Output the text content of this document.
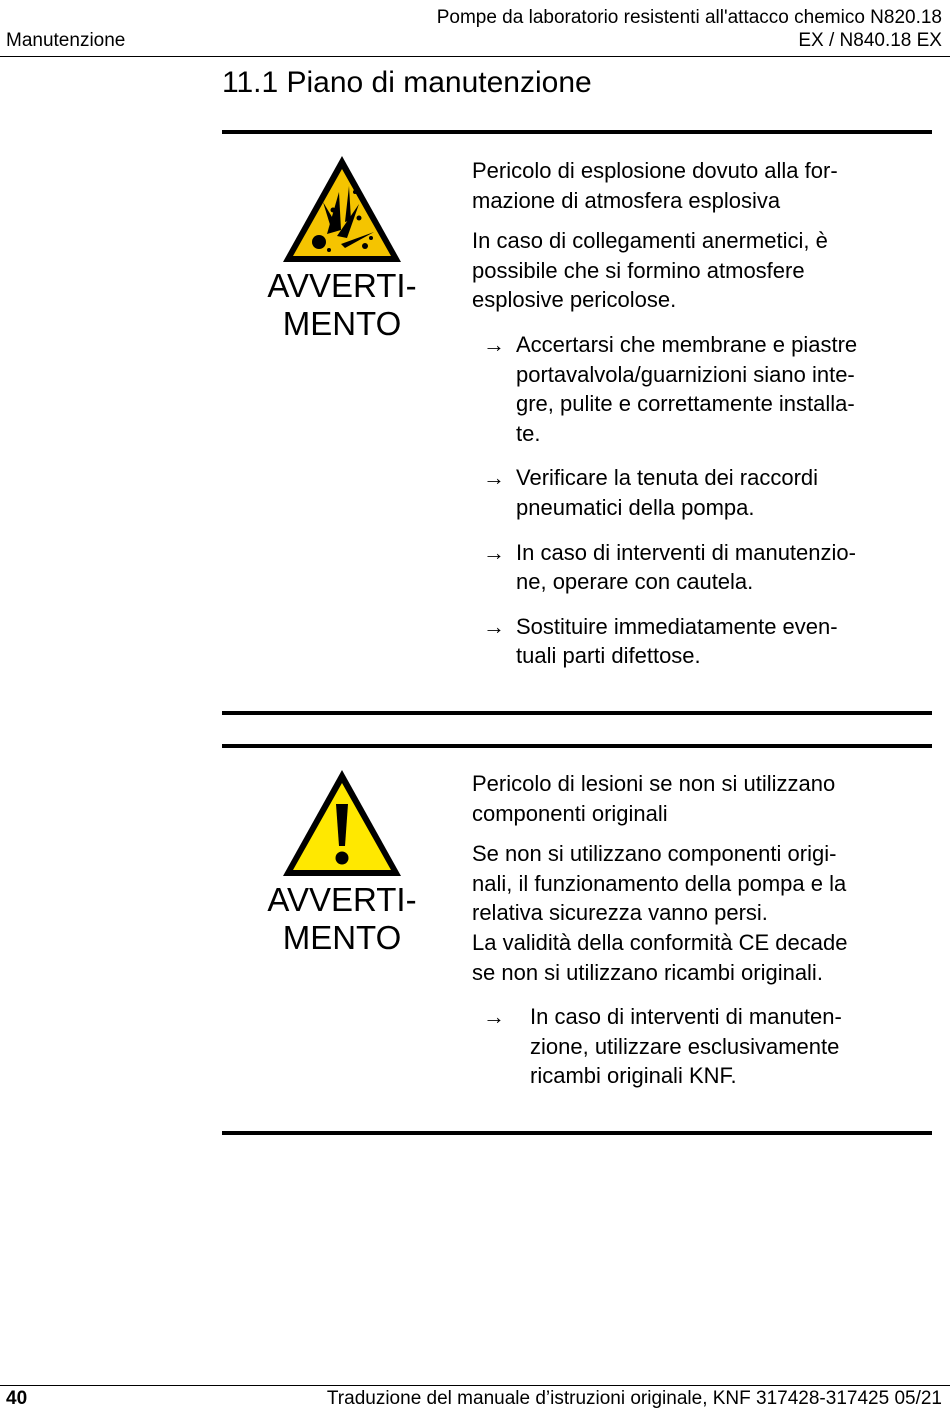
Manutenzione
Pompe da laboratorio resistenti all'attacco chemico N820.18
EX / N840.18 EX
11.1 Piano di manutenzione
AVVERTI-
MENTO

Pericolo di esplosione dovuto alla for-
mazione di atmosfera esplosiva

In caso di collegamenti anermetici, è
possibile che si formino atmosfere
esplosive pericolose.

→ Accertarsi che membrane e piastre
portavalvola/guarnizioni siano inte-
gre, pulite e correttamente installa-
te.
→ Verificare la tenuta dei raccordi
pneumatici della pompa.
→ In caso di interventi di manutenzio-
ne, operare con cautela.
→ Sostituire immediatamente even-
tuali parti difettose.
AVVERTI-
MENTO

Pericolo di lesioni se non si utilizzano
componenti originali

Se non si utilizzano componenti origi-
nali, il funzionamento della pompa e la
relativa sicurezza vanno persi.
La validità della conformità CE decade
se non si utilizzano ricambi originali.

→	In caso di interventi di manuten-
zione, utilizzare esclusivamente
ricambi originali KNF.
40	Traduzione del manuale d’istruzioni originale, KNF 317428-317425 05/21
